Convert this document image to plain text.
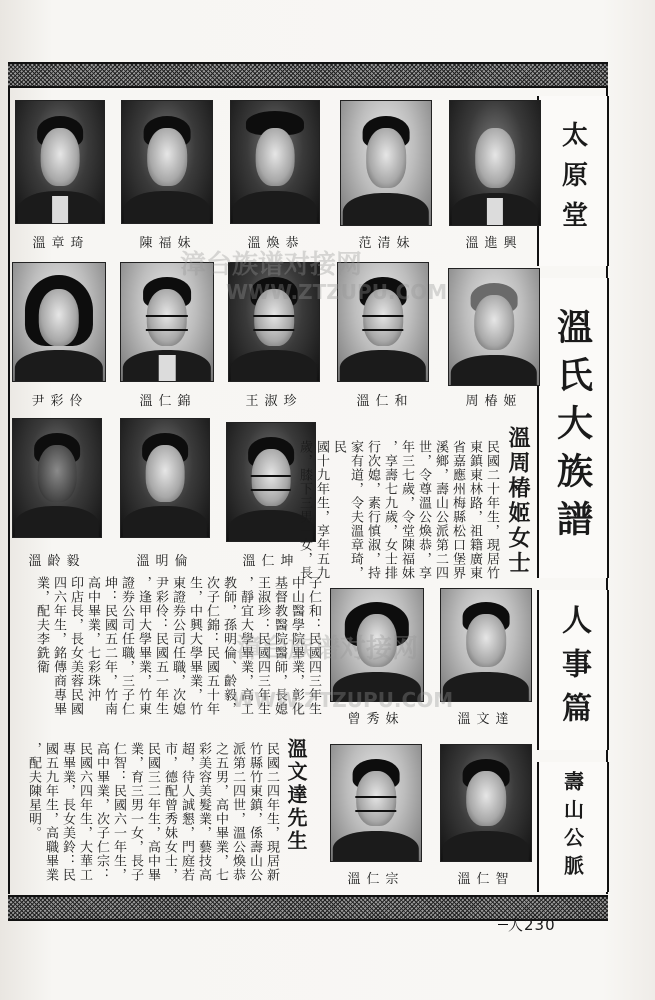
太原堂
溫氏大族譜
人事篇
壽山公脈
溫章琦	陳福妹	溫煥恭	范清妹	溫進興
尹彩伶	溫仁錦	王淑珍	溫仁和	周椿姬
溫齡毅	溫明倫	溫仁坤	溫周椿姬女士
民國二十年生，現居竹
東鎮東林路，祖籍廣東
省嘉應州梅縣松口堡界
溪鄉，壽山公派第二四
世，令尊溫公煥恭，享
年三七歲，令堂陳福妹
，享壽七九歲，女士排
行次媳，素行慎淑，持
家有道，令夫溫章琦，民
國十九年生，享年五九
歲，膝下三男一女，長
子仁和：民國四三年生
中山醫學院畢業，彰化
基督教醫院醫師，長媳
王淑珍：民國四三年生
，靜宜大學畢業，高工
教師，孫明倫、齡毅，
次子仁錦：民國五十年
生，中興大學畢業，竹
東證券公司任職，次媳
尹彩伶：民國五一年生
，逢甲大學畢業，竹東
證券公司任職，三子仁
坤：民國五二年，竹南
高中畢業，七彩珠沖
印店長，長女美蓉民國
四六年生，銘傳商專畢
業，配夫李銑衛
曾秀妹	溫文達
溫文達先生
民國二四年生，現居新
竹縣竹東鎮，係壽山公
派第二四世，溫公煥恭
之五男，高中畢業，七
彩美容美髮業，藝技高
超，待人誠懇，門庭若
市，德配曾秀妹女士，
民國三二年生，高中畢
業，育三男一女，長子
仁智：民國六一年生，
高中畢業，次子仁宗：
民國六四年生，大華工
專畢業，長女美鈴：民
國五九年生，高職畢業
，配夫陳星明。
溫仁宗	溫仁智
人230
漳台族谱对接网
WWW.ZTZUPU.COM
漳台族谱对接网
WWW.ZTZUPU.COM
